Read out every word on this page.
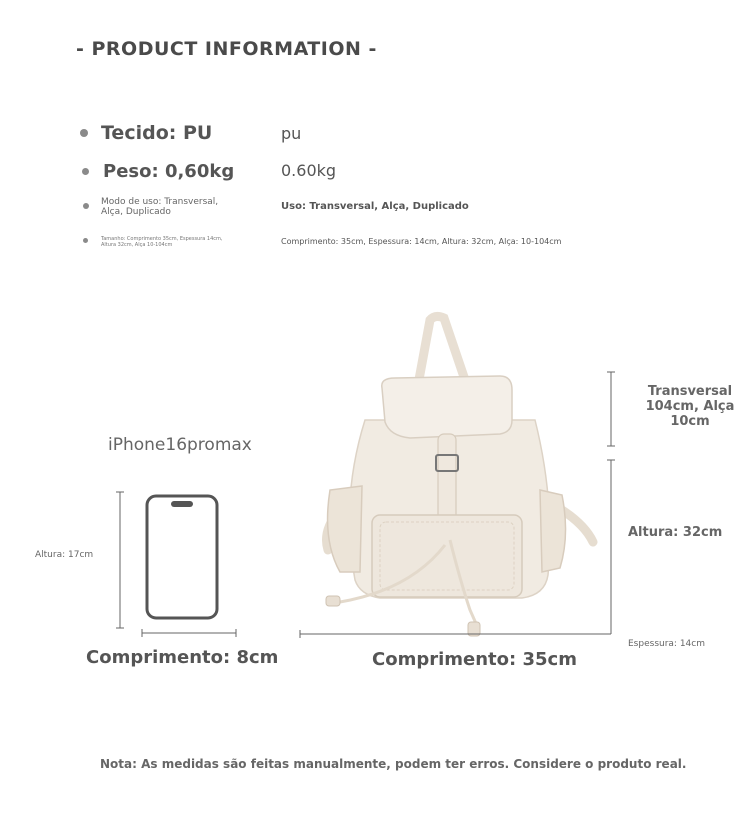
- PRODUCT INFORMATION -
Tecido: PU	pu
Peso: 0,60kg	0.60kg
Modo de uso: Transversal, Alça, Duplicado	Uso: Transversal, Alça, Duplicado
Tamanho: Comprimento 35cm, Espessura 14cm, Altura 32cm, Alça 10-104cm	Comprimento: 35cm, Espessura: 14cm, Altura: 32cm, Alça: 10-104cm
iPhone16promax
Altura: 17cm
Comprimento: 8cm
Transversal 104cm, Alça 10cm
Altura: 32cm
Espessura: 14cm
Comprimento: 35cm
Nota: As medidas são feitas manualmente, podem ter erros. Considere o produto real.
